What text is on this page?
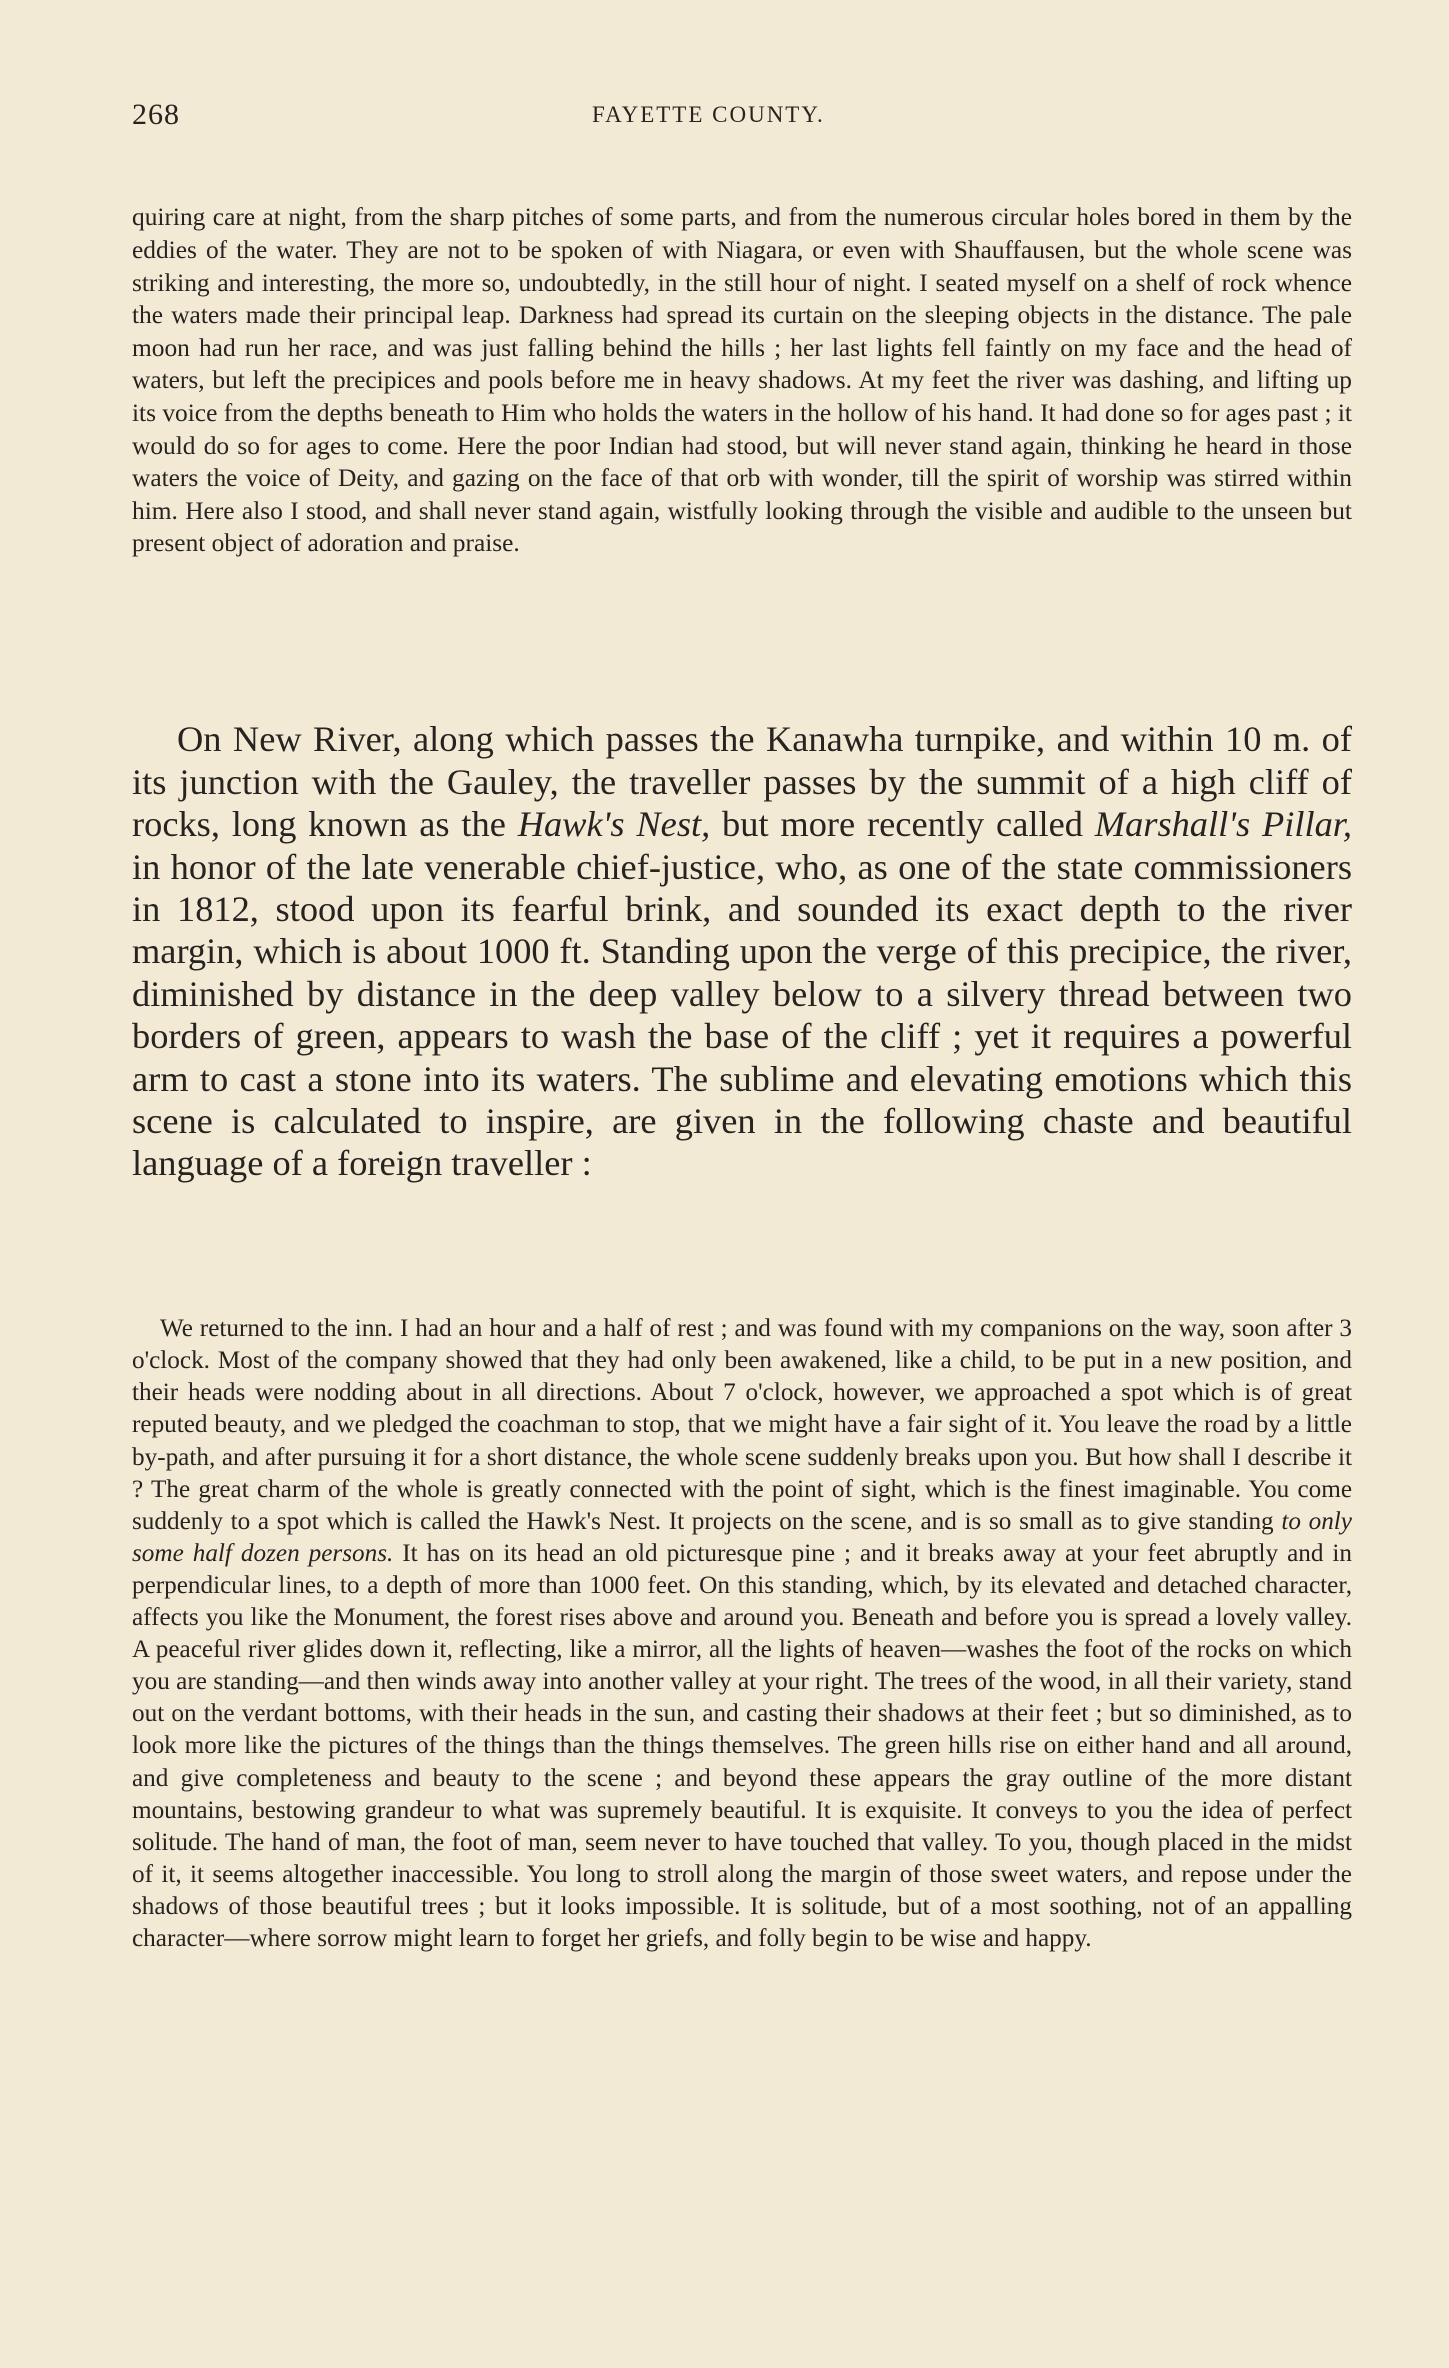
268	FAYETTE COUNTY.

quiring care at night, from the sharp pitches of some parts, and from the numerous circular holes bored in them by the eddies of the water. They are not to be spoken of with Niagara, or even with Shauffausen, but the whole scene was striking and interesting, the more so, undoubtedly, in the still hour of night. I seated myself on a shelf of rock whence the waters made their principal leap. Darkness had spread its curtain on the sleeping objects in the distance. The pale moon had run her race, and was just falling behind the hills ; her last lights fell faintly on my face and the head of waters, but left the precipices and pools before me in heavy shadows. At my feet the river was dashing, and lifting up its voice from the depths beneath to Him who holds the waters in the hollow of his hand. It had done so for ages past ; it would do so for ages to come. Here the poor Indian had stood, but will never stand again, thinking he heard in those waters the voice of Deity, and gazing on the face of that orb with wonder, till the spirit of worship was stirred within him. Here also I stood, and shall never stand again, wistfully looking through the visible and audible to the unseen but present object of adoration and praise.

On New River, along which passes the Kanawha turnpike, and within 10 m. of its junction with the Gauley, the traveller passes by the summit of a high cliff of rocks, long known as the Hawk's Nest, but more recently called Marshall's Pillar, in honor of the late venerable chief-justice, who, as one of the state commissioners in 1812, stood upon its fearful brink, and sounded its exact depth to the river margin, which is about 1000 ft. Standing upon the verge of this precipice, the river, diminished by distance in the deep valley below to a silvery thread between two borders of green, appears to wash the base of the cliff ; yet it requires a powerful arm to cast a stone into its waters. The sublime and elevating emotions which this scene is calculated to inspire, are given in the following chaste and beautiful language of a foreign traveller :

We returned to the inn. I had an hour and a half of rest ; and was found with my companions on the way, soon after 3 o'clock. Most of the company showed that they had only been awakened, like a child, to be put in a new position, and their heads were nodding about in all directions. About 7 o'clock, however, we approached a spot which is of great reputed beauty, and we pledged the coachman to stop, that we might have a fair sight of it. You leave the road by a little by-path, and after pursuing it for a short distance, the whole scene suddenly breaks upon you. But how shall I describe it ? The great charm of the whole is greatly connected with the point of sight, which is the finest imaginable. You come suddenly to a spot which is called the Hawk's Nest. It projects on the scene, and is so small as to give standing to only some half dozen persons. It has on its head an old picturesque pine ; and it breaks away at your feet abruptly and in perpendicular lines, to a depth of more than 1000 feet. On this standing, which, by its elevated and detached character, affects you like the Monument, the forest rises above and around you. Beneath and before you is spread a lovely valley. A peaceful river glides down it, reflecting, like a mirror, all the lights of heaven—washes the foot of the rocks on which you are standing—and then winds away into another valley at your right. The trees of the wood, in all their variety, stand out on the verdant bottoms, with their heads in the sun, and casting their shadows at their feet ; but so diminished, as to look more like the pictures of the things than the things themselves. The green hills rise on either hand and all around, and give completeness and beauty to the scene ; and beyond these appears the gray outline of the more distant mountains, bestowing grandeur to what was supremely beautiful. It is exquisite. It conveys to you the idea of perfect solitude. The hand of man, the foot of man, seem never to have touched that valley. To you, though placed in the midst of it, it seems altogether inaccessible. You long to stroll along the margin of those sweet waters, and repose under the shadows of those beautiful trees ; but it looks impossible. It is solitude, but of a most soothing, not of an appalling character—where sorrow might learn to forget her griefs, and folly begin to be wise and happy.
